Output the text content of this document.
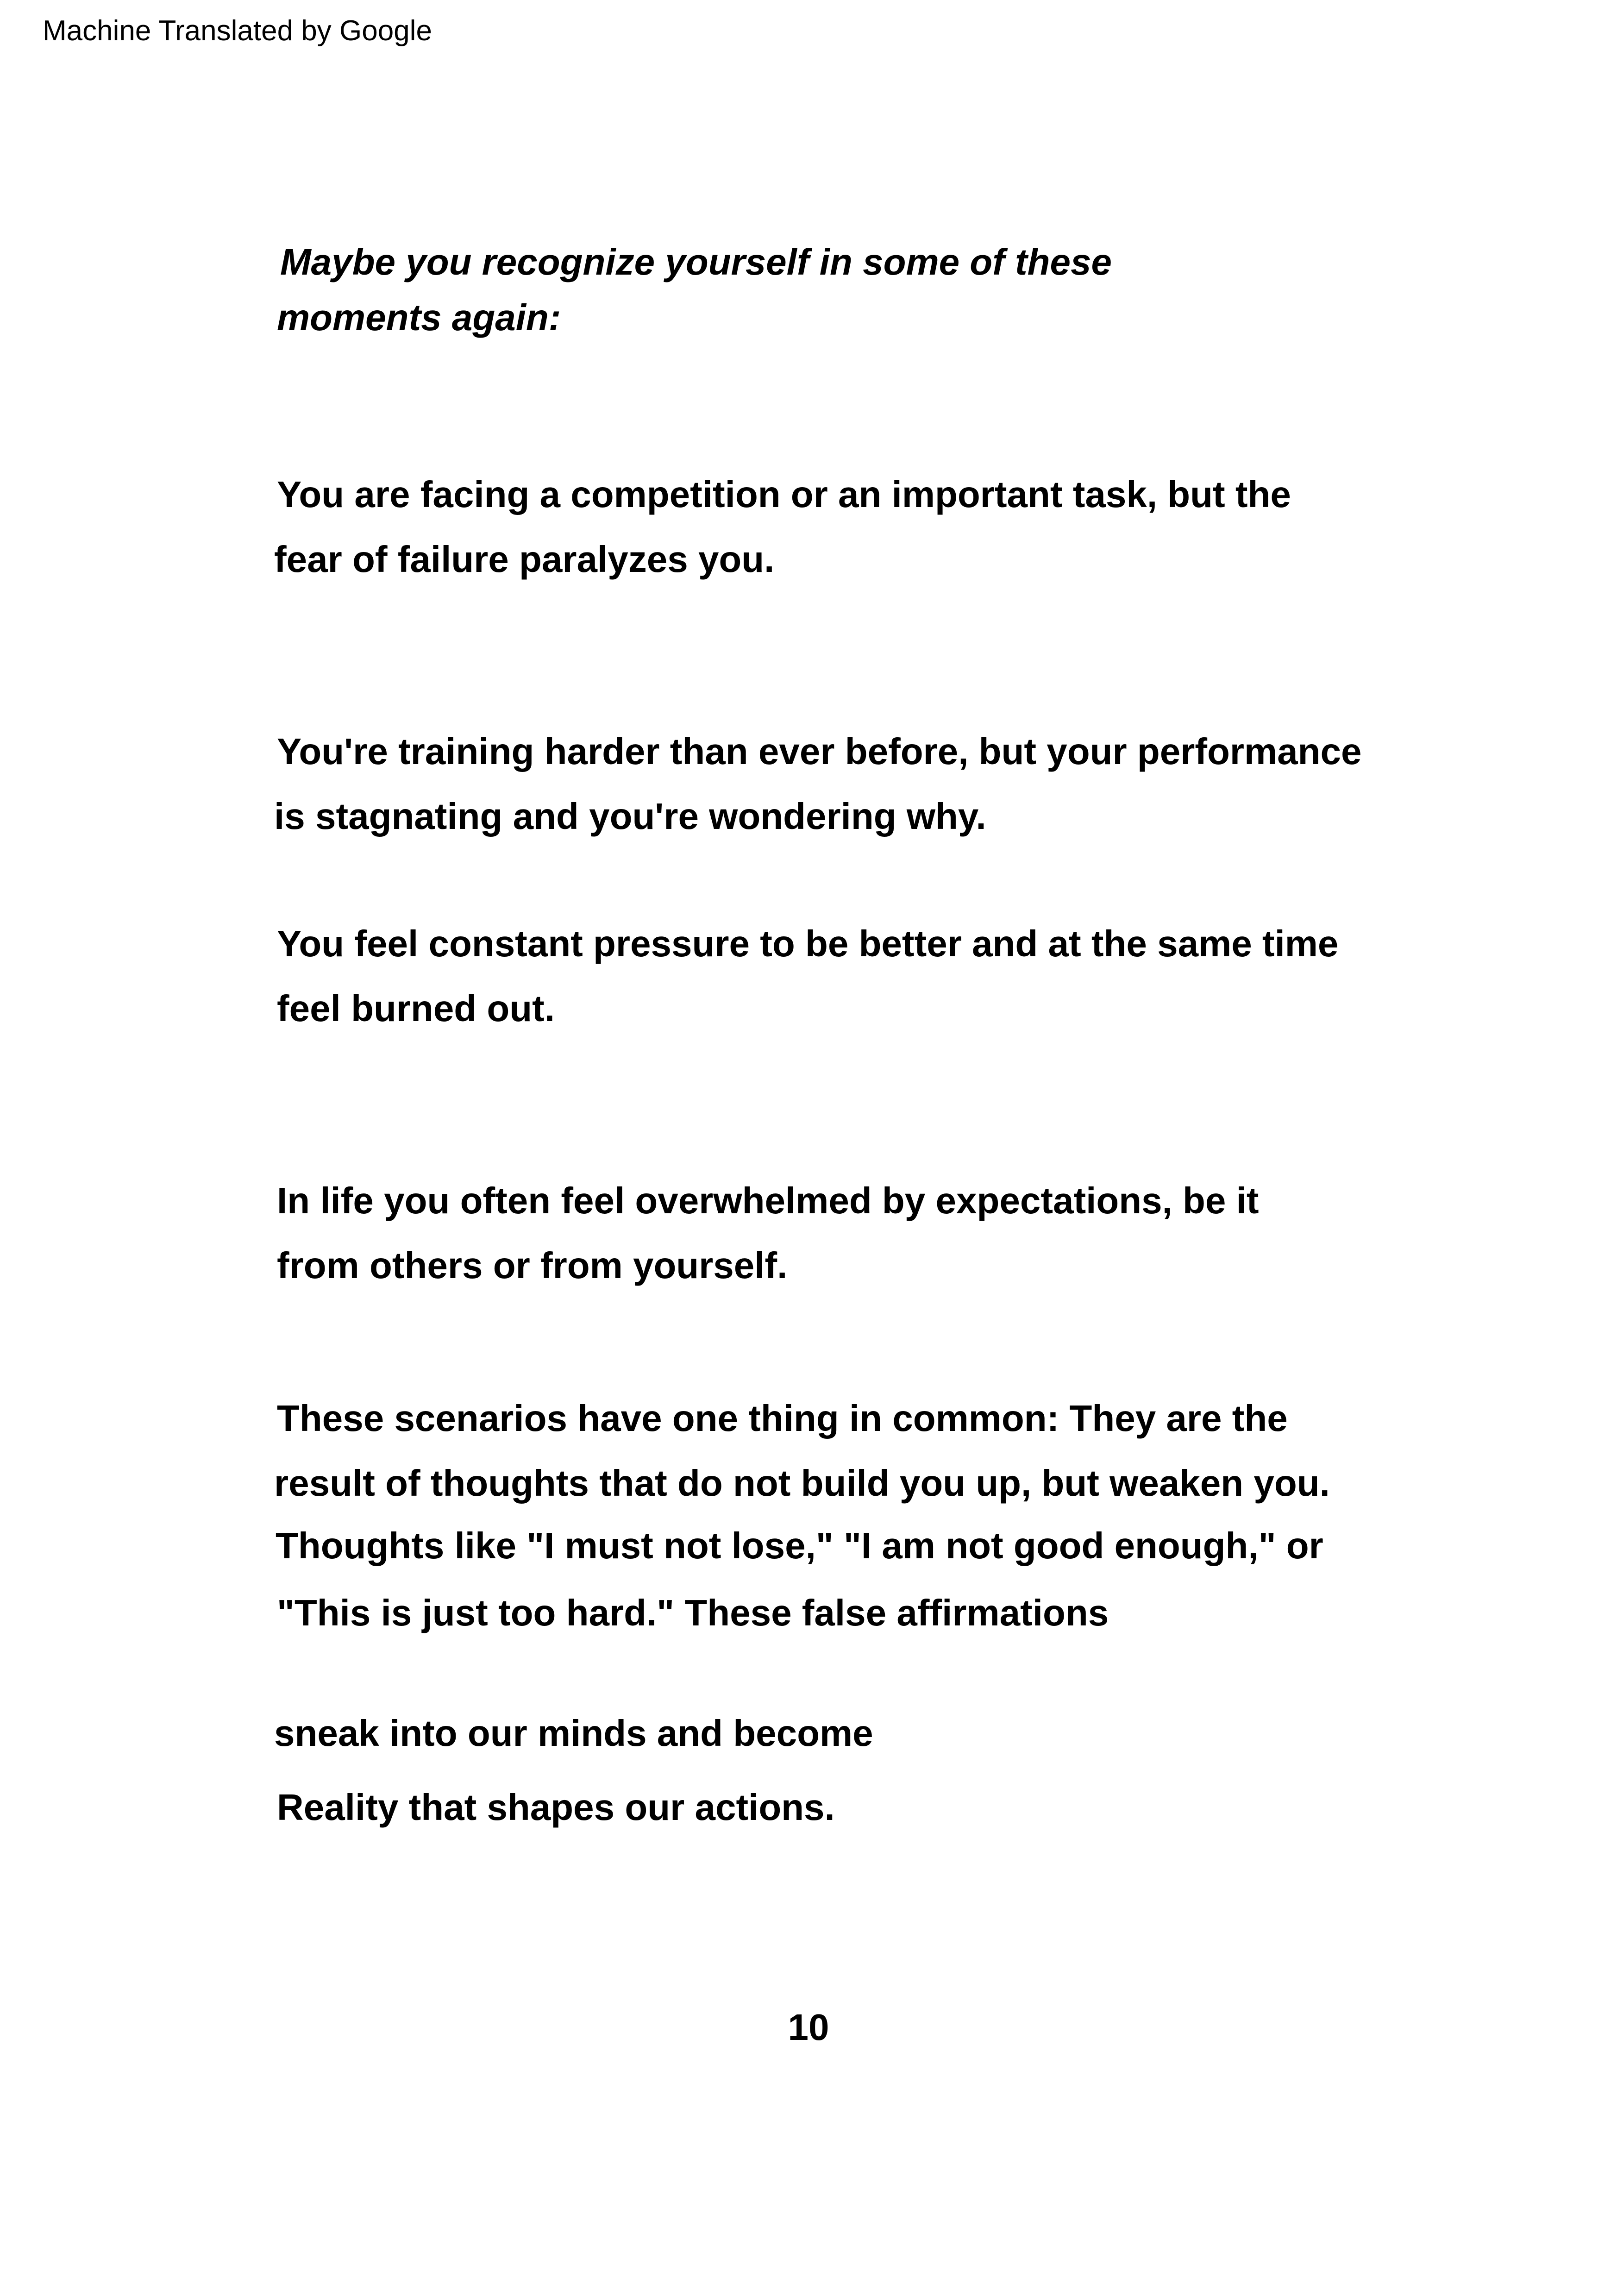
Machine Translated by Google
Maybe you recognize yourself in some of these
moments again:
You are facing a competition or an important task, but the
fear of failure paralyzes you.
You're training harder than ever before, but your performance
is stagnating and you're wondering why.
You feel constant pressure to be better and at the same time
feel burned out.
In life you often feel overwhelmed by expectations, be it
from others or from yourself.
These scenarios have one thing in common: They are the
result of thoughts that do not build you up, but weaken you.
Thoughts like "I must not lose," "I am not good enough," or
"This is just too hard." These false affirmations
sneak into our minds and become
Reality that shapes our actions.
10
